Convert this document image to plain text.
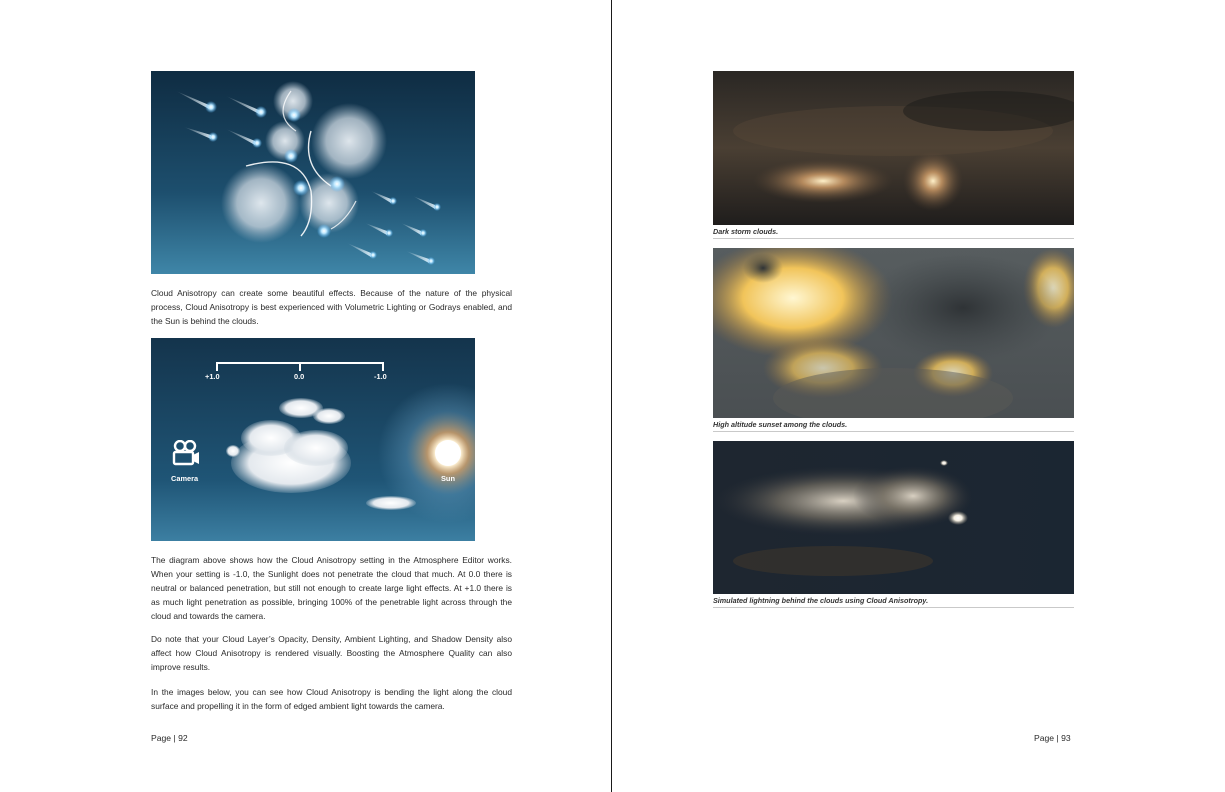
Cloud Anisotropy can create some beautiful effects. Because of the nature of the physical process, Cloud Anisotropy is best experienced with Volumetric Lighting or Godrays enabled, and the Sun is behind the clouds.

+1.0	0.0	-1.0
Camera	Sun

The diagram above shows how the Cloud Anisotropy setting in the Atmosphere Editor works. When your setting is -1.0, the Sunlight does not penetrate the cloud that much. At 0.0 there is neutral or balanced penetration, but still not enough to create large light effects. At +1.0 there is as much light penetration as possible, bringing 100% of the penetrable light across through the cloud and towards the camera.

Do note that your Cloud Layer’s Opacity, Density, Ambient Lighting, and Shadow Density also affect how Cloud Anisotropy is rendered visually. Boosting the Atmosphere Quality can also improve results.

In the images below, you can see how Cloud Anisotropy is bending the light along the cloud surface and propelling it in the form of edged ambient light towards the camera.

Page | 92
Dark storm clouds.
High altitude sunset among the clouds.
Simulated lightning behind the clouds using Cloud Anisotropy.
Page | 93
